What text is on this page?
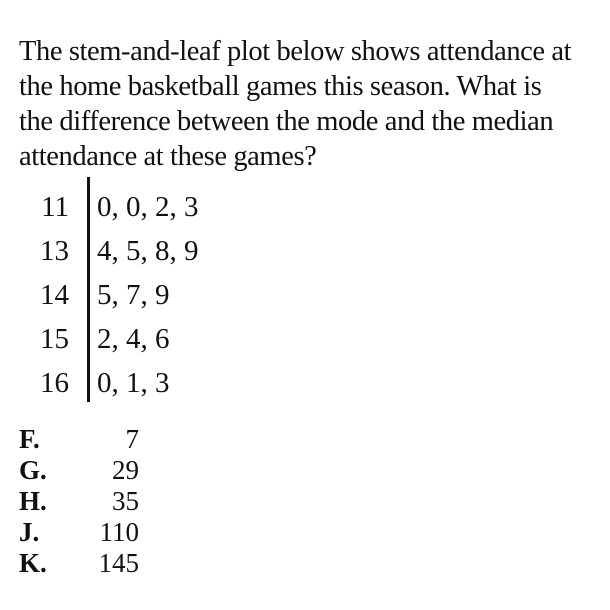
The stem-and-leaf plot below shows attendance at
the home basketball games this season. What is
the difference between the mode and the median
attendance at these games?
11 0, 0, 2, 3
13 4, 5, 8, 9
14 5, 7, 9
15 2, 4, 6
16 0, 1, 3
F.	7
G.	29
H.	35
J.	110
K.	145
